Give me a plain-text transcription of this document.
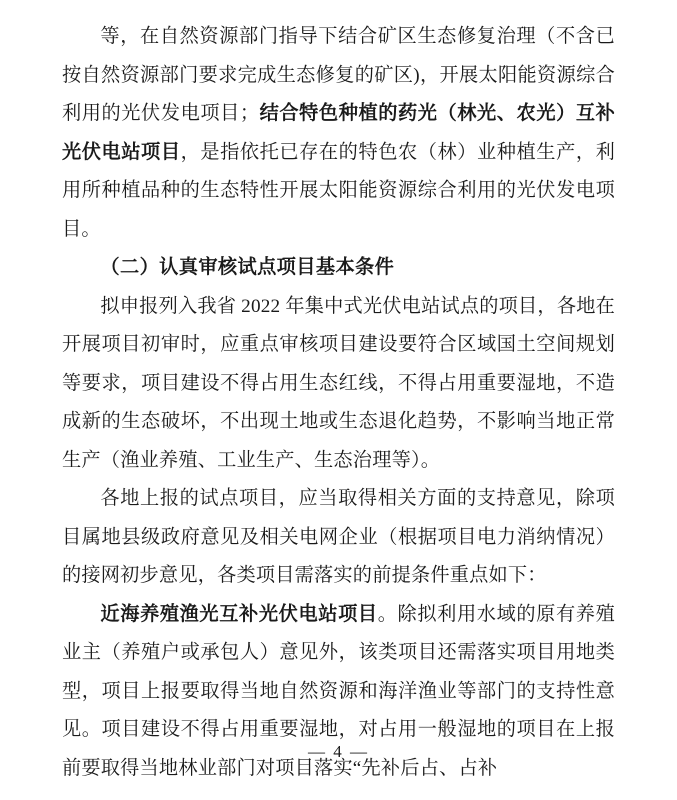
等，在自然资源部门指导下结合矿区生态修复治理（不含已按自然资源部门要求完成生态修复的矿区)，开展太阳能资源综合利用的光伏发电项目；结合特色种植的药光（林光、农光）互补光伏电站项目，是指依托已存在的特色农（林）业种植生产，利用所种植品种的生态特性开展太阳能资源综合利用的光伏发电项目。

（二）认真审核试点项目基本条件

拟申报列入我省 2022 年集中式光伏电站试点的项目，各地在开展项目初审时，应重点审核项目建设要符合区域国土空间规划等要求，项目建设不得占用生态红线，不得占用重要湿地，不造成新的生态破坏，不出现土地或生态退化趋势，不影响当地正常生产（渔业养殖、工业生产、生态治理等）。

各地上报的试点项目，应当取得相关方面的支持意见，除项目属地县级政府意见及相关电网企业（根据项目电力消纳情况）的接网初步意见，各类项目需落实的前提条件重点如下：

近海养殖渔光互补光伏电站项目。除拟利用水域的原有养殖业主（养殖户或承包人）意见外，该类项目还需落实项目用地类型，项目上报要取得当地自然资源和海洋渔业等部门的支持性意见。项目建设不得占用重要湿地，对占用一般湿地的项目在上报前要取得当地林业部门对项目落实“先补后占、占补

— 4 —
